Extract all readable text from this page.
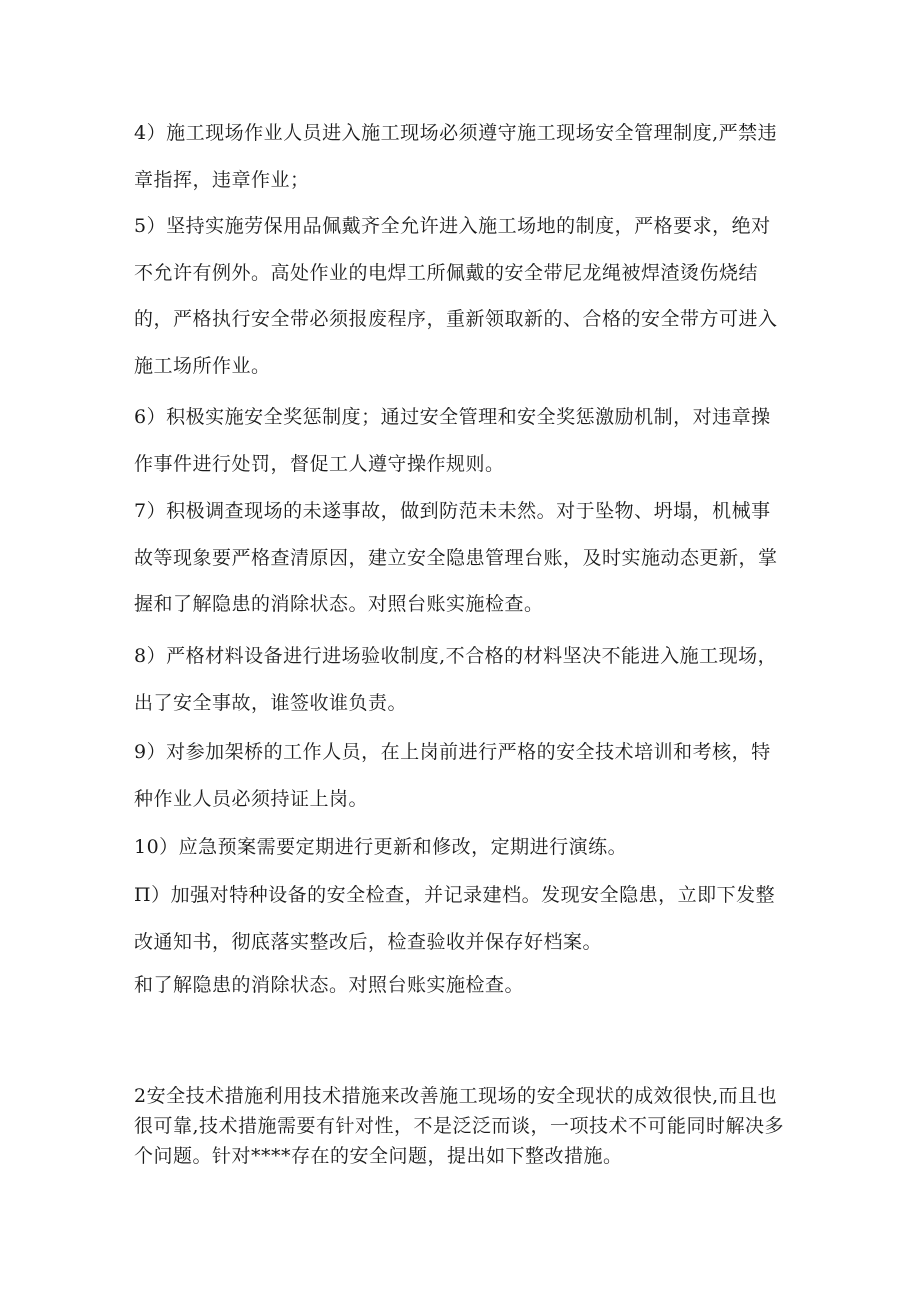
4）施工现场作业人员进入施工现场必须遵守施工现场安全管理制度,严禁违章指挥，违章作业；

5）坚持实施劳保用品佩戴齐全允许进入施工场地的制度，严格要求，绝对不允许有例外。高处作业的电焊工所佩戴的安全带尼龙绳被焊渣烫伤烧结的，严格执行安全带必须报废程序，重新领取新的、合格的安全带方可进入施工场所作业。

6）积极实施安全奖惩制度；通过安全管理和安全奖惩激励机制，对违章操作事件进行处罚，督促工人遵守操作规则。

7）积极调查现场的未遂事故，做到防范未未然。对于坠物、坍塌，机械事故等现象要严格查清原因，建立安全隐患管理台账，及时实施动态更新，掌握和了解隐患的消除状态。对照台账实施检查。

8）严格材料设备进行进场验收制度,不合格的材料坚决不能进入施工现场，出了安全事故，谁签收谁负责。

9）对参加架桥的工作人员，在上岗前进行严格的安全技术培训和考核，特种作业人员必须持证上岗。

10）应急预案需要定期进行更新和修改，定期进行演练。

Π）加强对特种设备的安全检查，并记录建档。发现安全隐患，立即下发整改通知书，彻底落实整改后，检查验收并保存好档案。

和了解隐患的消除状态。对照台账实施检查。

2安全技术措施利用技术措施来改善施工现场的安全现状的成效很快,而且也很可靠,技术措施需要有针对性，不是泛泛而谈，一项技术不可能同时解决多个问题。针对****存在的安全问题，提出如下整改措施。
